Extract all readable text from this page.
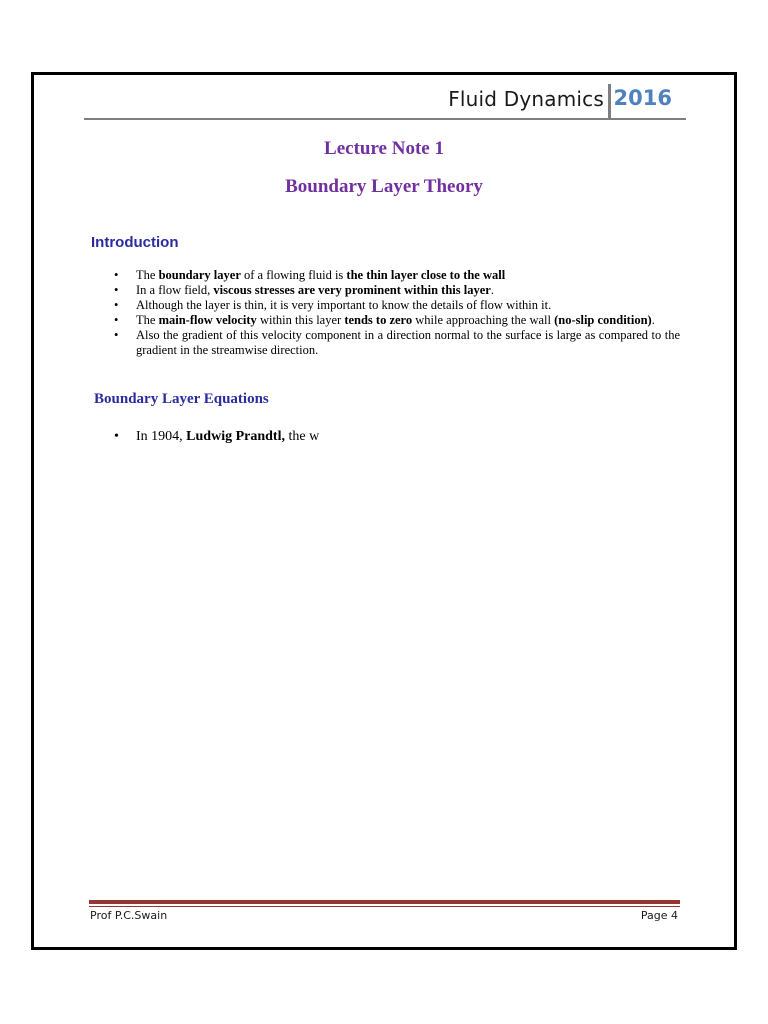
Fluid Dynamics 2016
Lecture Note 1
Boundary Layer Theory
Introduction
• The boundary layer of a flowing fluid is the thin layer close to the wall
• In a flow field, viscous stresses are very prominent within this layer.
• Although the layer is thin, it is very important to know the details of flow within it.
• The main-flow velocity within this layer tends to zero while approaching the wall (no-slip condition).
• Also the gradient of this velocity component in a direction normal to the surface is large as compared to the gradient in the streamwise direction.
Boundary Layer Equations
• In 1904, Ludwig Prandtl, the w
Prof P.C.Swain	Page 4
